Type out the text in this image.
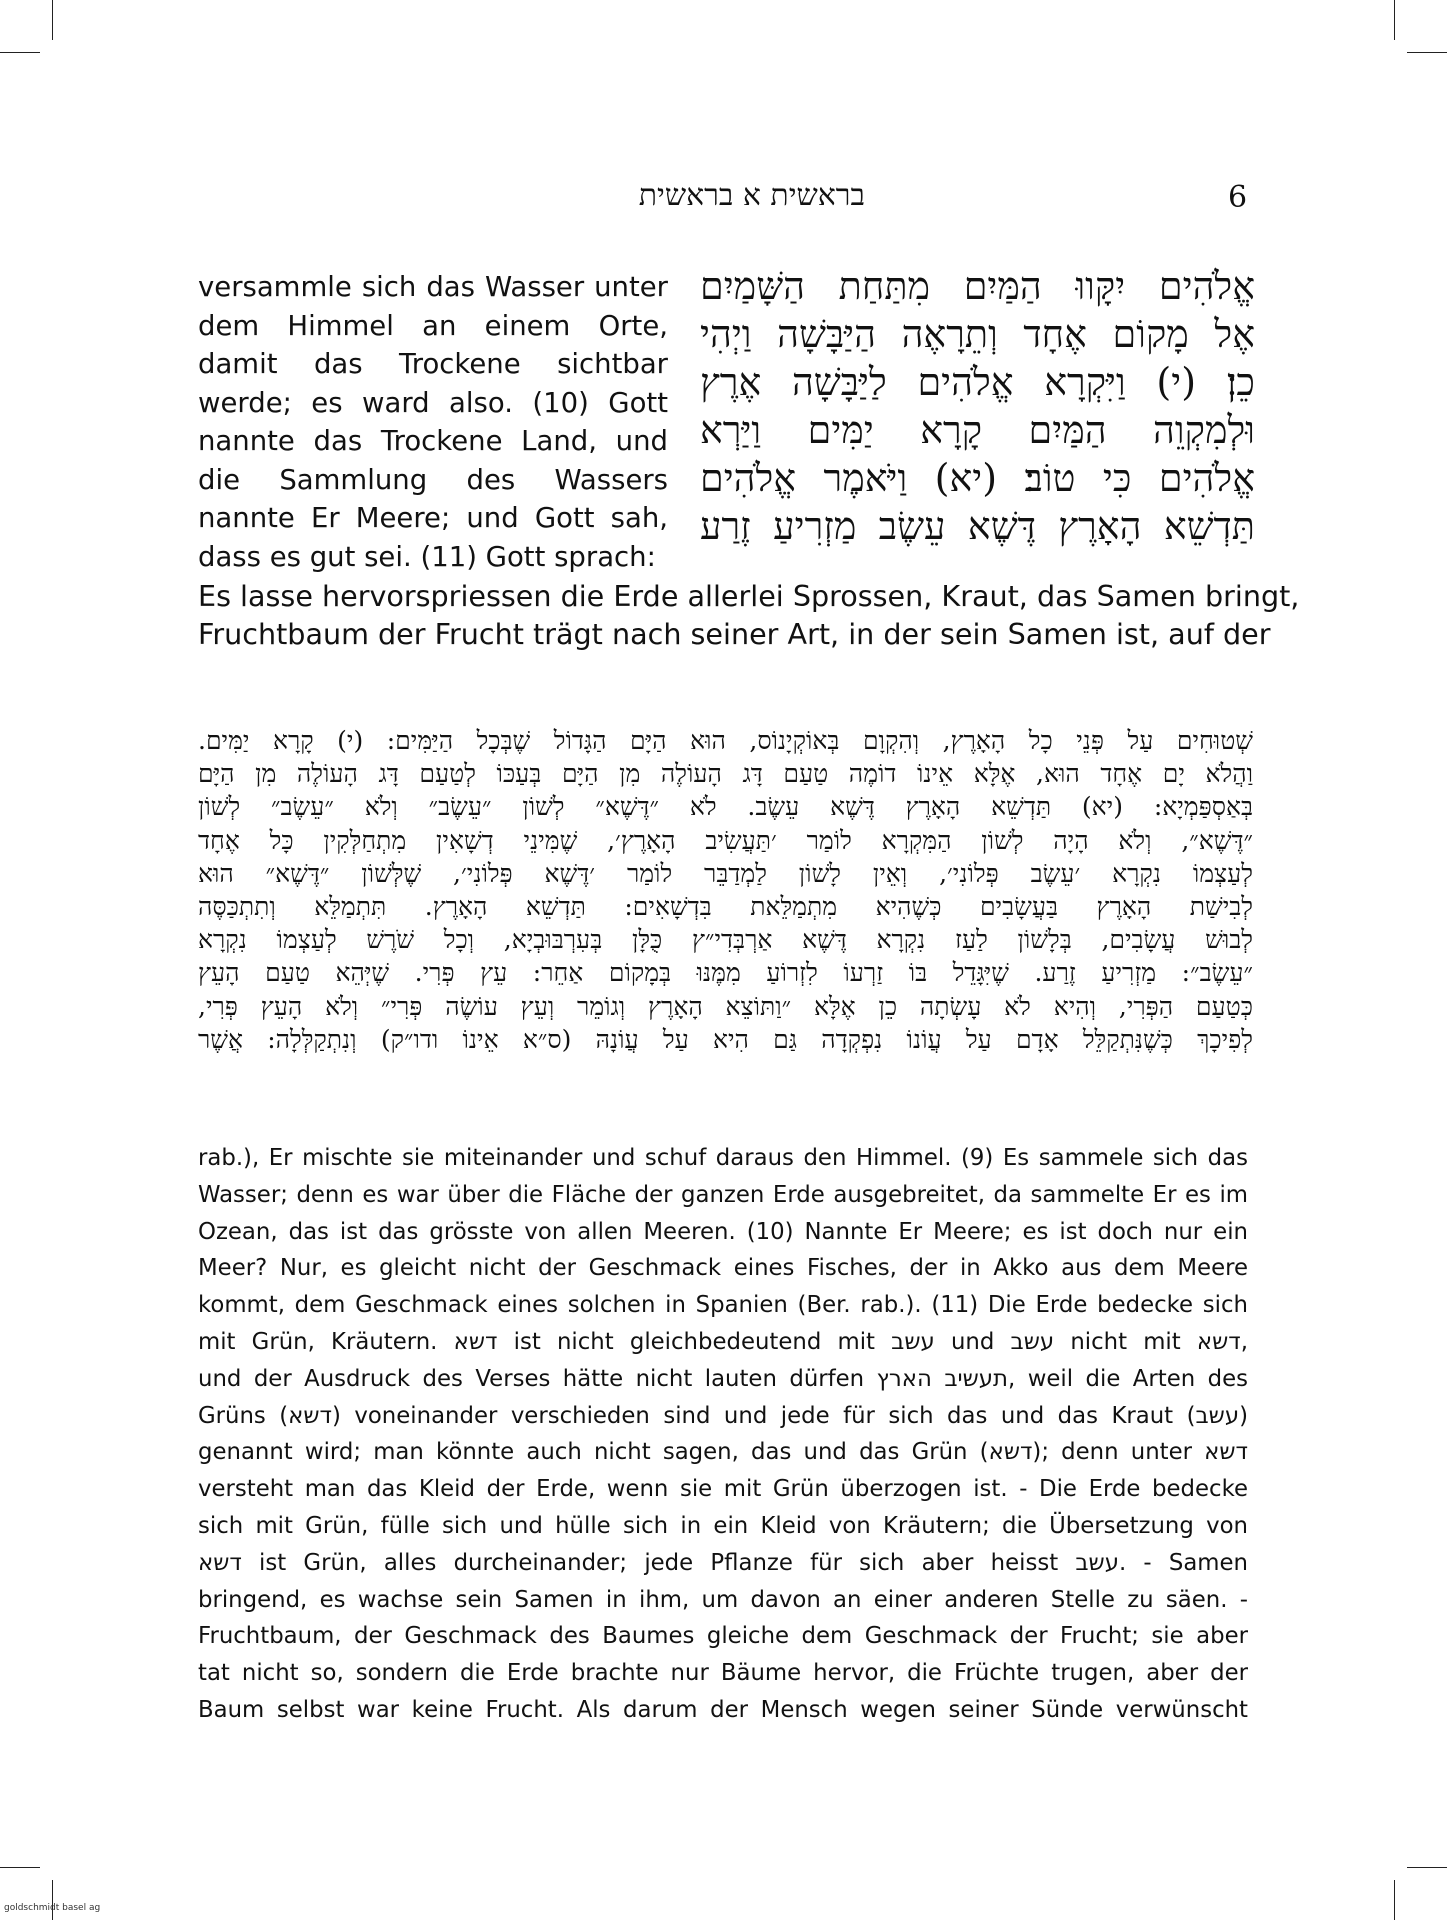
6
בראשית א בראשית
אֱלֹהִים יִקָּווּ הַמַּיִם מִתַּחַת הַשָּׁמַיִם
אֶל מָקוֹם אֶחָד וְתֵרָאֶה הַיַּבָּשָׁה וַיְהִי
כֵן׃ (י) וַיִּקְרָא אֱלֹהִים לַיַּבָּשָׁה אֶרֶץ
וּלְמִקְוֵה הַמַּיִם קָרָא יַמִּים וַיַּרְא
אֱלֹהִים כִּי טוֹב׃ (יא) וַיֹּאמֶר אֱלֹהִים
תַּדְשֵׁא הָאָרֶץ דֶּשֶׁא עֵשֶׂב מַזְרִיעַ זֶרַע
versammle sich das Wasser unter
dem Himmel an einem Orte,
damit das Trockene sichtbar
werde; es ward also. (10) Gott
nannte das Trockene Land, und
die Sammlung des Wassers
nannte Er Meere; und Gott sah,
dass es gut sei. (11) Gott sprach:
Es lasse hervorspriessen die Erde allerlei Sprossen, Kraut, das Samen bringt,
Fruchtbaum der Frucht trägt nach seiner Art, in der sein Samen ist, auf der
שְׁטוּחִים עַל פְּנֵי כָל הָאָרֶץ, וְהִקְוָם בְּאוֹקְיָנוֹס, הוּא הַיָּם הַגָּדוֹל שֶׁבְּכָל הַיַּמִּים: (י) קָרָא יַמִּים.
וַהֲלֹא יָם אֶחָד הוּא, אֶלָּא אֵינוֹ דוֹמֶה טַעַם דָּג הָעוֹלֶה מִן הַיָּם בְּעַכּוֹ לְטַעַם דָּג הָעוֹלֶה מִן הַיָּם
בְּאַסְפַּמְיָא: (יא) תַּדְשֵׁא הָאָרֶץ דֶּשֶׁא עֵשֶׂב. לֹא ״דֶּשֶׁא״ לְשׁוֹן ״עֵשֶׂב״ וְלֹא ״עֵשֶׂב״ לְשׁוֹן
״דֶּשֶׁא״, וְלֹא הָיָה לְשׁוֹן הַמִּקְרָא לוֹמַר ׳תַּעֲשִׂיב הָאָרֶץ׳, שֶׁמִּינֵי דְשָׁאִין מִתְחַלְּקִין כָּל אֶחָד
לְעַצְמוֹ נִקְרָא ׳עֵשֶׂב פְּלוֹנִי׳, וְאֵין לָשׁוֹן לַמְדַבֵּר לוֹמַר ׳דֶּשֶׁא פְּלוֹנִי׳, שֶׁלְּשׁוֹן ״דֶּשֶׁא״ הוּא
לְבִישַׁת הָאָרֶץ בַּעֲשָׂבִים כְּשֶׁהִיא מִתְמַלֵּאת בִּדְשָׁאִים: תַּדְשֵׁא הָאָרֶץ. תִּתְמַלֵּא וְתִתְכַּסֶּה
לְבוּשׁ עֲשָׂבִים, בְּלָשׁוֹן לַעַז נִקְרָא דֶּשֶׁא אַרְבְּדִי״ץ כֻּלָּן בְּעִרְבּוּבְיָא, וְכָל שֹׁרֶשׁ לְעַצְמוֹ נִקְרָא
״עֵשֶׂב״: מַזְרִיעַ זֶרַע. שֶׁיִּגָּדֵל בּוֹ זַרְעוֹ לִזְרוֹעַ מִמֶּנּוּ בְּמָקוֹם אַחֵר: עֵץ פְּרִי. שֶׁיְּהֵא טַעַם הָעֵץ
כְּטַעַם הַפְּרִי, וְהִיא לֹא עָשְׂתָה כֵן אֶלָּא ״וַתּוֹצֵא הָאָרֶץ וְגוֹמֵר וְעֵץ עוֹשֶׂה פְּרִי״ וְלֹא הָעֵץ פְּרִי,
לְפִיכָךְ כְּשֶׁנִּתְקַלֵּל אָדָם עַל עֲוֹנוֹ נִפְקְדָה גַּם הִיא עַל עֲוֹנָהּ (ס״א אֵינוֹ ודו״ק) וְנִתְקַלְּלָה: אֲשֶׁר
rab.), Er mischte sie miteinander und schuf daraus den Himmel. (9) Es sammele sich das
Wasser; denn es war über die Fläche der ganzen Erde ausgebreitet, da sammelte Er es im
Ozean, das ist das grösste von allen Meeren. (10) Nannte Er Meere; es ist doch nur ein
Meer? Nur, es gleicht nicht der Geschmack eines Fisches, der in Akko aus dem Meere
kommt, dem Geschmack eines solchen in Spanien (Ber. rab.). (11) Die Erde bedecke sich
mit Grün, Kräutern. דשא ist nicht gleichbedeutend mit עשב und עשב nicht mit דשא,
und der Ausdruck des Verses hätte nicht lauten dürfen תעשיב הארץ, weil die Arten des
Grüns (דשא) voneinander verschieden sind und jede für sich das und das Kraut (עשב)
genannt wird; man könnte auch nicht sagen, das und das Grün (דשא); denn unter דשא
versteht man das Kleid der Erde, wenn sie mit Grün überzogen ist. - Die Erde bedecke
sich mit Grün, fülle sich und hülle sich in ein Kleid von Kräutern; die Übersetzung von
דשא ist Grün, alles durcheinander; jede Pflanze für sich aber heisst עשב. - Samen
bringend, es wachse sein Samen in ihm, um davon an einer anderen Stelle zu säen. -
Fruchtbaum, der Geschmack des Baumes gleiche dem Geschmack der Frucht; sie aber
tat nicht so, sondern die Erde brachte nur Bäume hervor, die Früchte trugen, aber der
Baum selbst war keine Frucht. Als darum der Mensch wegen seiner Sünde verwünscht
goldschmidt basel ag
